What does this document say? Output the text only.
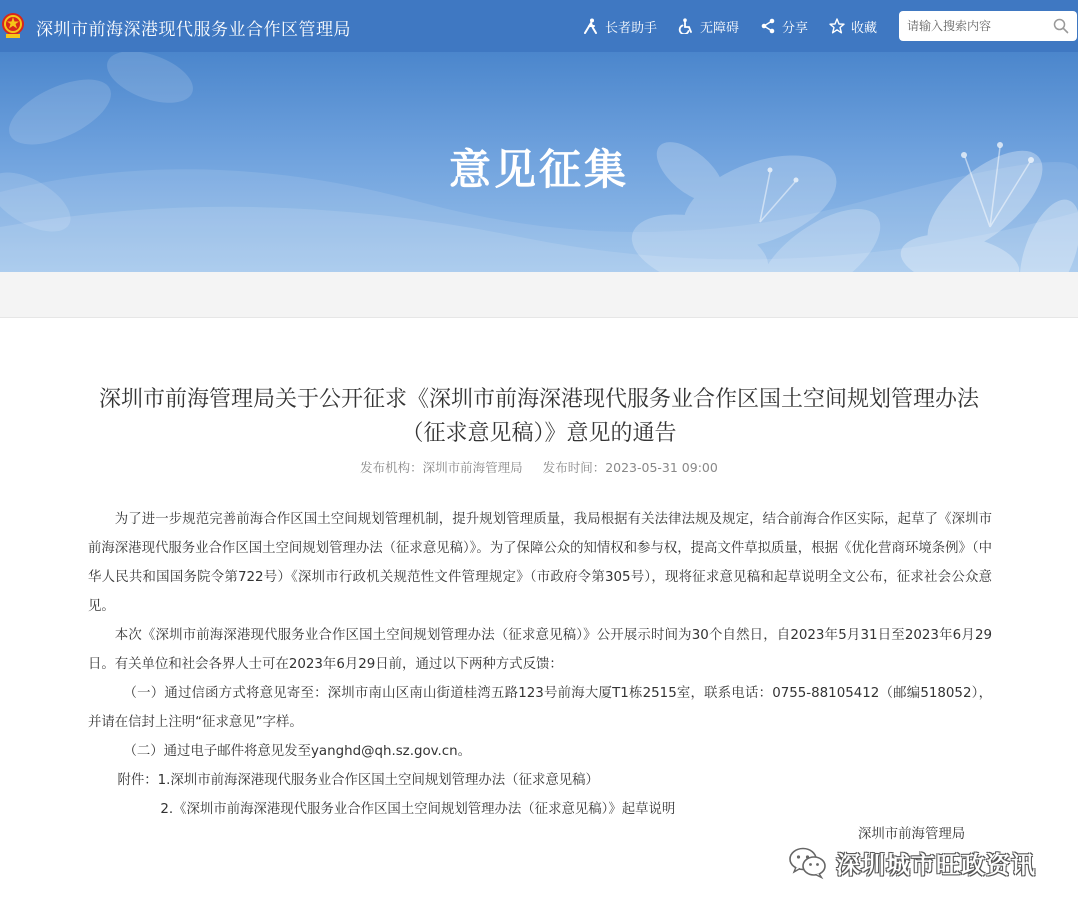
深圳市前海深港现代服务业合作区管理局	长者助手	无障碍	分享	收藏
请输入搜索内容
意见征集
深圳市前海管理局关于公开征求《深圳市前海深港现代服务业合作区国土空间规划管理办法
（征求意见稿）》意见的通告
发布机构：深圳市前海管理局 发布时间：2023-05-31 09:00

为了进一步规范完善前海合作区国土空间规划管理机制，提升规划管理质量，我局根据有关法律法规及规定，结合前海合作区实际，起草了《深圳市前海深港现代服务业合作区国土空间规划管理办法（征求意见稿）》。为了保障公众的知情权和参与权，提高文件草拟质量，根据《优化营商环境条例》（中华人民共和国国务院令第722号）《深圳市行政机关规范性文件管理规定》（市政府令第305号），现将征求意见稿和起草说明全文公布，征求社会公众意见。

本次《深圳市前海深港现代服务业合作区国土空间规划管理办法（征求意见稿）》公开展示时间为30个自然日，自2023年5月31日至2023年6月29日。有关单位和社会各界人士可在2023年6月29日前，通过以下两种方式反馈：

（一）通过信函方式将意见寄至：深圳市南山区南山街道桂湾五路123号前海大厦T1栋2515室，联系电话：0755-88105412（邮编518052），并请在信封上注明“征求意见”字样。

（二）通过电子邮件将意见发至yanghd@qh.sz.gov.cn。

附件：1.深圳市前海深港现代服务业合作区国土空间规划管理办法（征求意见稿）

2.《深圳市前海深港现代服务业合作区国土空间规划管理办法（征求意见稿）》起草说明

深圳市前海管理局
深圳城市旺政资讯
